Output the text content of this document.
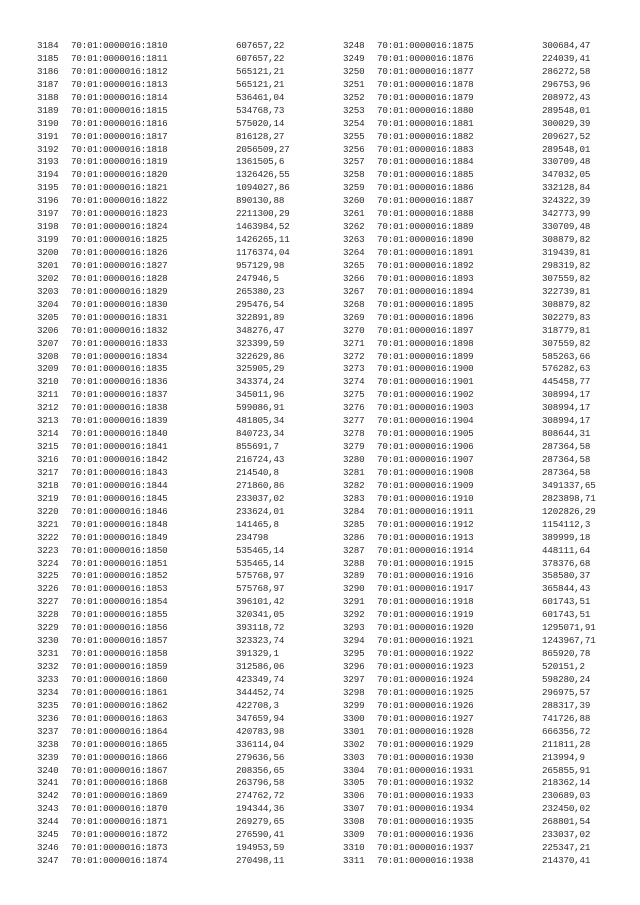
3184 70:01:0000016:1810	607657,22
3185 70:01:0000016:1811	607657,22
3186 70:01:0000016:1812	565121,21
3187 70:01:0000016:1813	565121,21
3188 70:01:0000016:1814	536461,04
3189 70:01:0000016:1815	534768,73
3190 70:01:0000016:1816	575020,14
3191 70:01:0000016:1817	816128,27
3192 70:01:0000016:1818	2056509,27
3193 70:01:0000016:1819	1361505,6
3194 70:01:0000016:1820	1326426,55
3195 70:01:0000016:1821	1094027,86
3196 70:01:0000016:1822	890130,88
3197 70:01:0000016:1823	2211300,29
3198 70:01:0000016:1824	1463984,52
3199 70:01:0000016:1825	1426265,11
3200 70:01:0000016:1826	1176374,04
3201 70:01:0000016:1827	957129,98
3202 70:01:0000016:1828	247946,5
3203 70:01:0000016:1829	265380,23
3204 70:01:0000016:1830	295476,54
3205 70:01:0000016:1831	322891,89
3206 70:01:0000016:1832	348276,47
3207 70:01:0000016:1833	323399,59
3208 70:01:0000016:1834	322629,86
3209 70:01:0000016:1835	325905,29
3210 70:01:0000016:1836	343374,24
3211 70:01:0000016:1837	345011,96
3212 70:01:0000016:1838	599086,91
3213 70:01:0000016:1839	481805,34
3214 70:01:0000016:1840	840723,34
3215 70:01:0000016:1841	855691,7
3216 70:01:0000016:1842	216724,43
3217 70:01:0000016:1843	214540,8
3218 70:01:0000016:1844	271860,86
3219 70:01:0000016:1845	233037,02
3220 70:01:0000016:1846	233624,01
3221 70:01:0000016:1848	141465,8
3222 70:01:0000016:1849	234798
3223 70:01:0000016:1850	535465,14
3224 70:01:0000016:1851	535465,14
3225 70:01:0000016:1852	575768,97
3226 70:01:0000016:1853	575768,97
3227 70:01:0000016:1854	396101,42
3228 70:01:0000016:1855	320341,05
3229 70:01:0000016:1856	393118,72
3230 70:01:0000016:1857	323323,74
3231 70:01:0000016:1858	391329,1
3232 70:01:0000016:1859	312586,06
3233 70:01:0000016:1860	423349,74
3234 70:01:0000016:1861	344452,74
3235 70:01:0000016:1862	422708,3
3236 70:01:0000016:1863	347659,94
3237 70:01:0000016:1864	420783,98
3238 70:01:0000016:1865	336114,04
3239 70:01:0000016:1866	279636,56
3240 70:01:0000016:1867	208356,65
3241 70:01:0000016:1868	263796,58
3242 70:01:0000016:1869	274762,72
3243 70:01:0000016:1870	194344,36
3244 70:01:0000016:1871	269279,65
3245 70:01:0000016:1872	276590,41
3246 70:01:0000016:1873	194953,59
3247 70:01:0000016:1874	270498,11
3248 70:01:0000016:1875	300684,47
3249 70:01:0000016:1876	224039,41
3250 70:01:0000016:1877	286272,58
3251 70:01:0000016:1878	296753,96
3252 70:01:0000016:1879	208972,43
3253 70:01:0000016:1880	289548,01
3254 70:01:0000016:1881	300029,39
3255 70:01:0000016:1882	209627,52
3256 70:01:0000016:1883	289548,01
3257 70:01:0000016:1884	330709,48
3258 70:01:0000016:1885	347032,05
3259 70:01:0000016:1886	332128,84
3260 70:01:0000016:1887	324322,39
3261 70:01:0000016:1888	342773,99
3262 70:01:0000016:1889	330709,48
3263 70:01:0000016:1890	308879,82
3264 70:01:0000016:1891	319439,81
3265 70:01:0000016:1892	298319,82
3266 70:01:0000016:1893	307559,82
3267 70:01:0000016:1894	322739,81
3268 70:01:0000016:1895	308879,82
3269 70:01:0000016:1896	302279,83
3270 70:01:0000016:1897	318779,81
3271 70:01:0000016:1898	307559,82
3272 70:01:0000016:1899	585263,66
3273 70:01:0000016:1900	576282,63
3274 70:01:0000016:1901	445458,77
3275 70:01:0000016:1902	308994,17
3276 70:01:0000016:1903	308994,17
3277 70:01:0000016:1904	308994,17
3278 70:01:0000016:1905	808644,31
3279 70:01:0000016:1906	287364,58
3280 70:01:0000016:1907	287364,58
3281 70:01:0000016:1908	287364,58
3282 70:01:0000016:1909	3491337,65
3283 70:01:0000016:1910	2823898,71
3284 70:01:0000016:1911	1202826,29
3285 70:01:0000016:1912	1154112,3
3286 70:01:0000016:1913	389999,18
3287 70:01:0000016:1914	448111,64
3288 70:01:0000016:1915	378376,68
3289 70:01:0000016:1916	358580,37
3290 70:01:0000016:1917	365844,43
3291 70:01:0000016:1918	601743,51
3292 70:01:0000016:1919	601743,51
3293 70:01:0000016:1920	1295071,91
3294 70:01:0000016:1921	1243967,71
3295 70:01:0000016:1922	865920,78
3296 70:01:0000016:1923	520151,2
3297 70:01:0000016:1924	598280,24
3298 70:01:0000016:1925	296975,57
3299 70:01:0000016:1926	288317,39
3300 70:01:0000016:1927	741726,88
3301 70:01:0000016:1928	666356,72
3302 70:01:0000016:1929	211811,28
3303 70:01:0000016:1930	213994,9
3304 70:01:0000016:1931	265855,91
3305 70:01:0000016:1932	218362,14
3306 70:01:0000016:1933	230689,03
3307 70:01:0000016:1934	232450,02
3308 70:01:0000016:1935	268801,54
3309 70:01:0000016:1936	233037,02
3310 70:01:0000016:1937	225347,21
3311 70:01:0000016:1938	214370,41
